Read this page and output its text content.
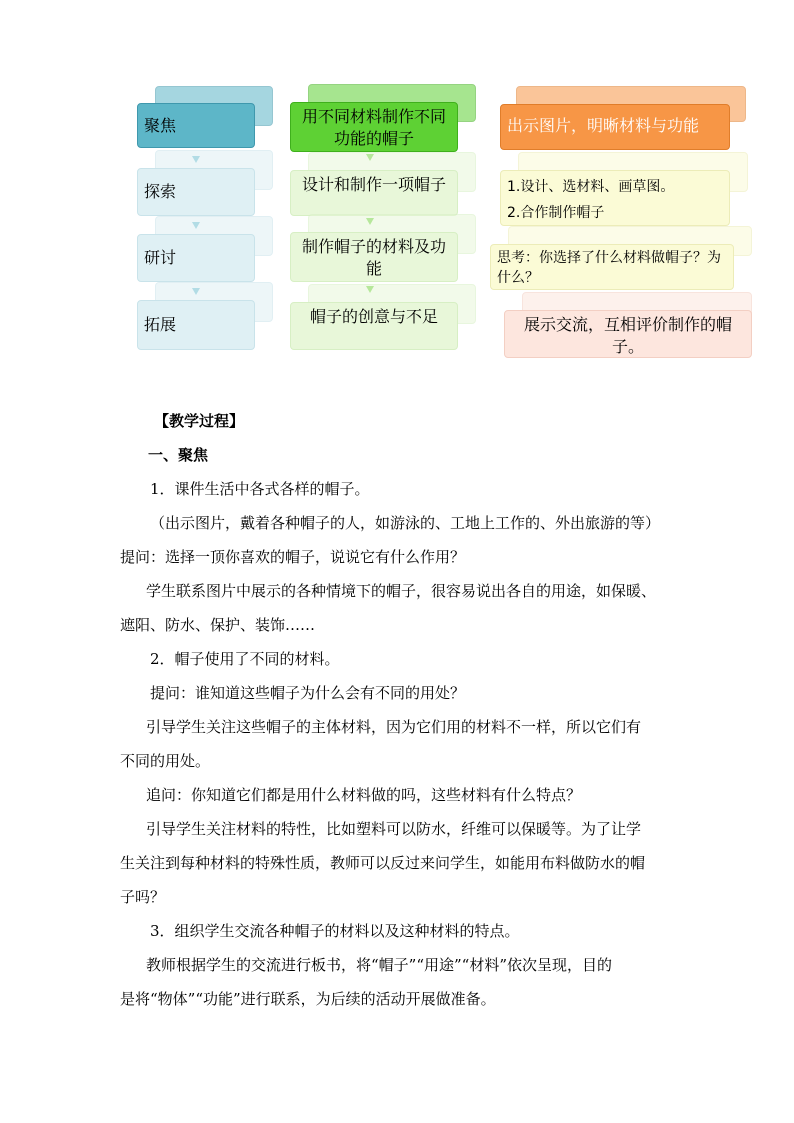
聚焦
探索
研讨
拓展
用不同材料制作不同功能的帽子
设计和制作一项帽子
制作帽子的材料及功能
帽子的创意与不足
出示图片，明晰材料与功能
1.设计、选材料、画草图。
2.合作制作帽子
思考：你选择了什么材料做帽子？为什么？
展示交流，互相评价制作的帽子。

【教学过程】

一、聚焦

1．课件生活中各式各样的帽子。

（出示图片，戴着各种帽子的人，如游泳的、工地上工作的、外出旅游的等）

提问：选择一顶你喜欢的帽子，说说它有什么作用？

学生联系图片中展示的各种情境下的帽子，很容易说出各自的用途，如保暖、

遮阳、防水、保护、装饰……

2．帽子使用了不同的材料。

提问：谁知道这些帽子为什么会有不同的用处？

引导学生关注这些帽子的主体材料，因为它们用的材料不一样，所以它们有

不同的用处。

追问：你知道它们都是用什么材料做的吗，这些材料有什么特点？

引导学生关注材料的特性，比如塑料可以防水，纤维可以保暖等。为了让学

生关注到每种材料的特殊性质，教师可以反过来问学生，如能用布料做防水的帽

子吗？

3．组织学生交流各种帽子的材料以及这种材料的特点。

教师根据学生的交流进行板书，将“帽子”“用途”“材料”依次呈现，目的

是将“物体”“功能”进行联系，为后续的活动开展做准备。
